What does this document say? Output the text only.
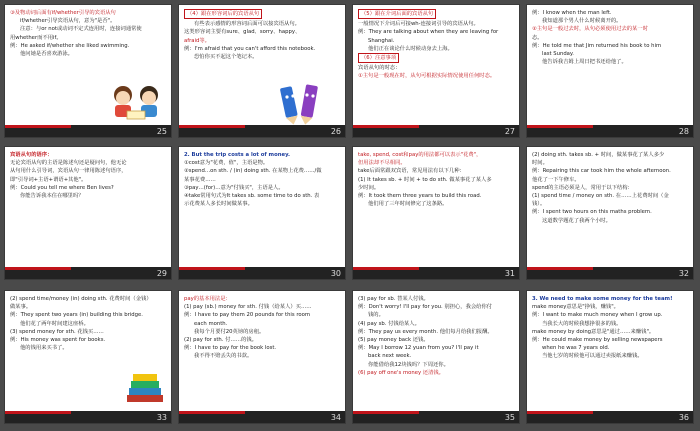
③及物动词后面有if/whether引导的宾语从句
if/whether引导宾语从句，意为"是否"。
注意：与or not或动词不定式连用时，连接词通常使
用whether而不用if。
例：He asked if/whether she liked swimming.
他问她是否喜欢游泳。
25
（4）跟在形容词后的宾语从句
有些表示感情的形容词后面可以接宾语从句。
这类形容词主要有sure、glad、sorry、happy、
afraid等。
例：I'm afraid that you can't afford this notebook.
恐怕你买不起这个笔记本。
26
（5）跟在介词后面的宾语从句
一般情况下介词后可接wh-连接词引导的宾语从句。
例：They are talking about when they are leaving for
Shanghai.
他们正在谈论什么时候动身去上海。
（6）注意事项
宾语从句的时态：
①主句是一般现在时，从句可根据实际情况使用任何时态。
27
例：I know when the man left.
我知道那个男人什么时候离开的。
②主句是一般过去时，从句必须使用过去的某一时
态。
例：He told me that Jim returned his book to him
last Sunday.
他告诉我吉姆上周日把书还给他了。
28
宾语从句的语序：
无论宾语从句的主语是陈述句还是疑问句，他无论
从句用什么引导词，宾语从句一律用陈述句语序，
即"引导词+主语+谓语+其他"。
例：Could you tell me where Ben lives?
你能告诉我本住在哪里吗？
29
2. But the trip costs a lot of money.
①cost意为"花费，值"，主语是物。
②spend…on sth. / (in) doing sth. 在某物上花费……/做
某事花费……
③pay…(for)…意为"付钱买"，主语是人。
④take常用句式为It takes sb. some time to do sth. 表
示花费某人多长时间做某事。
30
take, spend, cost和pay的用法都可以表示"花费"，
但用法却不尽相同。
take后面常跟双宾语，常见用法有以下几种：
(1) It takes sb. + 时间 + to do sth. 做某事花了某人多
少时间。
例：It took them three years to build this road.
他们用了三年时间修完了这条路。
31
(2) doing sth. takes sb. + 时间，做某事花了某人多少
时间。
例：Repairing this car took him the whole afternoon.
他花了一下午修车。
spend的主语必须是人，常用于以下结构：
(1) spend time / money on sth. 在……上花费时间（金
钱）。
例：I spent two hours on this maths problem.
这道数学题花了我两个小时。
32
(2) spend time/money (in) doing sth. 花费时间（金钱）
做某事。
例：They spent two years (in) building this bridge.
他们花了两年时间建这座桥。
(3) spend money for sth. 花钱买……
例：His money was spent for books.
他的钱用来买书了。
33
pay的基本用法是：
(1) pay (sb.) money for sth. 付钱（给某人）买……
例：I have to pay them 20 pounds for this room
each month.
我每个月要付20英镑的房租。
(2) pay for sth. 付……的钱。
例：I have to pay for the book lost.
我不得不赔丢失的书款。
34
(3) pay for sb. 替某人付钱。
例：Don't worry! I'll pay for you. 别担心，我会给你付
钱的。
(4) pay sb. 付钱给某人。
例：They pay us every month. 他们每月给我们报酬。
(5) pay money back 还钱。
例：May I borrow 12 yuan from you? I'll pay it
back next week.
你能借给我12块钱吗？下周还你。
(6) pay off one's money 还清钱。
35
3. We need to make some money for the team!
make money意思是"挣钱，赚钱"。
例：I want to make much money when I grow up.
当我长大的时候我想挣很多的钱。
make money by doing意思是"通过……来赚钱"。
例：He could make money by selling newspapers
when he was 7 years old.
当他七岁的时候他可以通过卖报纸来赚钱。
36
